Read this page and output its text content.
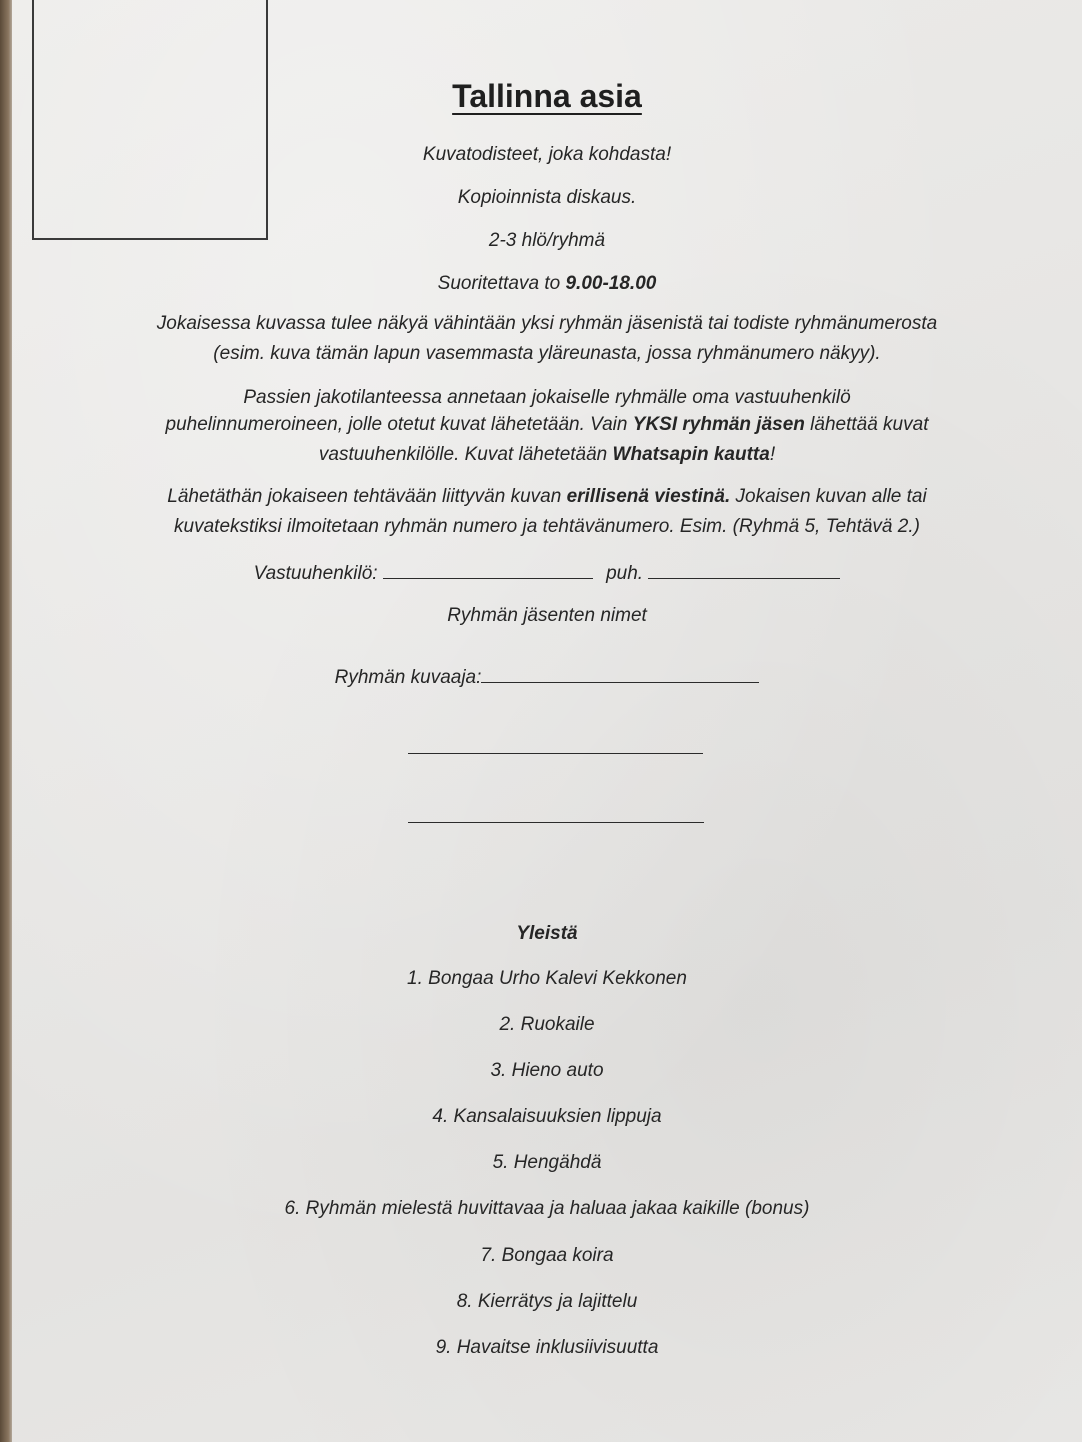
Tallinna asia
Kuvatodisteet, joka kohdasta!
Kopioinnista diskaus.
2-3 hlö/ryhmä
Suoritettava to 9.00-18.00
Jokaisessa kuvassa tulee näkyä vähintään yksi ryhmän jäsenistä tai todiste ryhmänumerosta
(esim. kuva tämän lapun vasemmasta yläreunasta, jossa ryhmänumero näkyy).
Passien jakotilanteessa annetaan jokaiselle ryhmälle oma vastuuhenkilö
puhelinnumeroineen, jolle otetut kuvat lähetetään. Vain YKSI ryhmän jäsen lähettää kuvat
vastuuhenkilölle. Kuvat lähetetään Whatsapin kautta!
Lähetäthän jokaiseen tehtävään liittyvän kuvan erillisenä viestinä. Jokaisen kuvan alle tai
kuvatekstiksi ilmoitetaan ryhmän numero ja tehtävänumero. Esim. (Ryhmä 5, Tehtävä 2.)
Vastuuhenkilö:	puh.
Ryhmän jäsenten nimet
Ryhmän kuvaaja:
Yleistä
1. Bongaa Urho Kalevi Kekkonen
2. Ruokaile
3. Hieno auto
4. Kansalaisuuksien lippuja
5. Hengähdä
6. Ryhmän mielestä huvittavaa ja haluaa jakaa kaikille (bonus)
7. Bongaa koira
8. Kierrätys ja lajittelu
9. Havaitse inklusiivisuutta
